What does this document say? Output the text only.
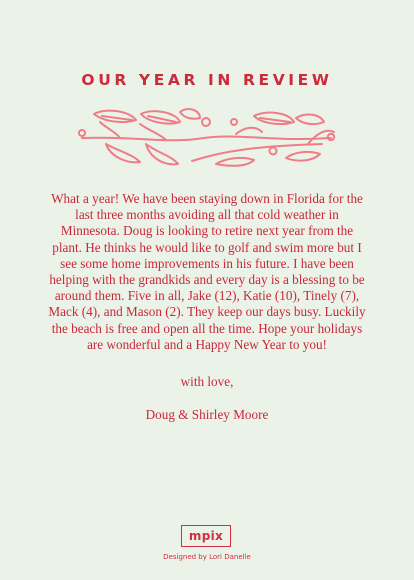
OUR YEAR IN REVIEW
What a year! We have been staying down in Florida for the last three months avoiding all that cold weather in Minnesota. Doug is looking to retire next year from the plant. He thinks he would like to golf and swim more but I see some home improvements in his future. I have been helping with the grandkids and every day is a blessing to be around them. Five in all, Jake (12), Katie (10), Tinely (7), Mack (4), and Mason (2). They keep our days busy. Luckily the beach is free and open all the time. Hope your holidays are wonderful and a Happy New Year to you!
with love,
Doug & Shirley Moore
mpix
Designed by Lori Danelle
